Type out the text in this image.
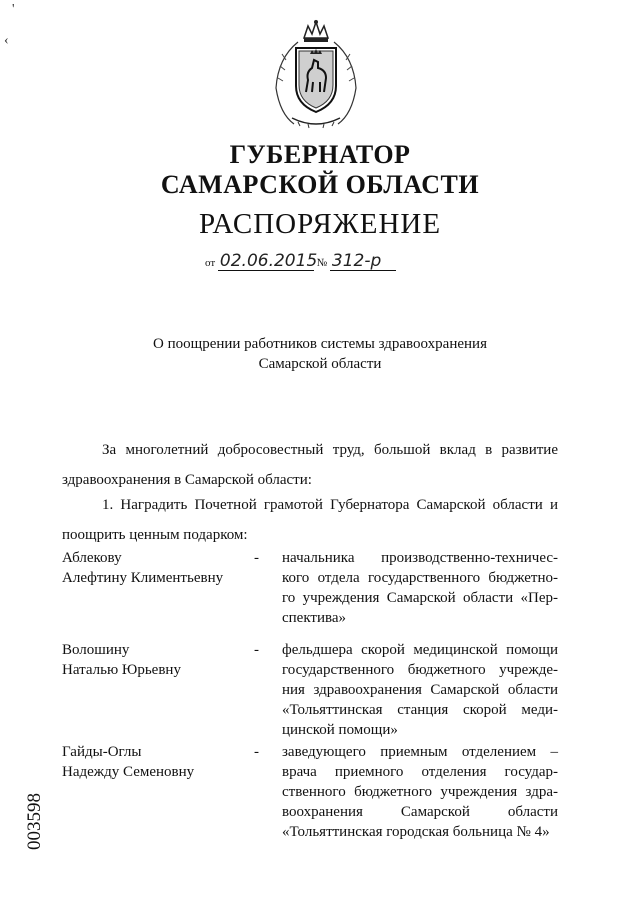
'
‹
ГУБЕРНАТОР
САМАРСКОЙ ОБЛАСТИ
РАСПОРЯЖЕНИЕ
от 02.06.2015 № 312-р
О поощрении работников системы здравоохранения
Самарской области
За многолетний добросовестный труд, большой вклад в развитие
здравоохранения в Самарской области:
1. Наградить Почетной грамотой Губернатора Самарской области и
поощрить ценным подарком:
Аблекову
Алефтину Климентьевну
- начальника производственно-техничес-
кого отдела государственного бюджетно-
го учреждения Самарской области «Пер-
спектива»
Волошину
Наталью Юрьевну
- фельдшера скорой медицинской помощи
государственного бюджетного учрежде-
ния здравоохранения Самарской области
«Тольяттинская станция скорой меди-
цинской помощи»
Гайды-Оглы
Надежду Семеновну
- заведующего приемным отделением –
врача приемного отделения государ-
ственного бюджетного учреждения здра-
воохранения Самарской области
«Тольяттинская городская больница № 4»
003598
